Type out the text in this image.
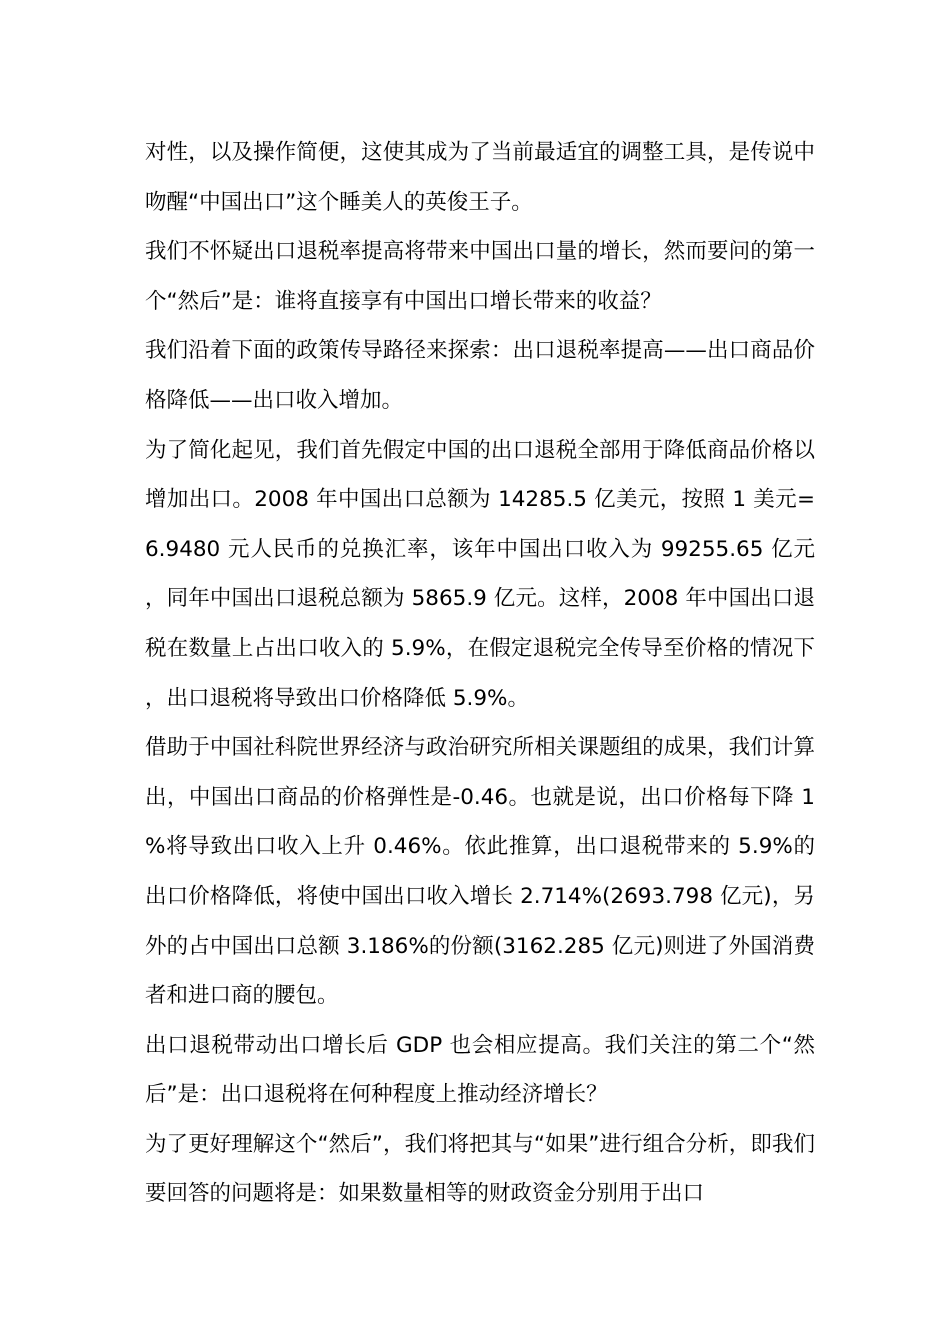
对性，以及操作简便，这使其成为了当前最适宜的调整工具，是传说中吻醒“中国出口”这个睡美人的英俊王子。

我们不怀疑出口退税率提高将带来中国出口量的增长，然而要问的第一个“然后”是：谁将直接享有中国出口增长带来的收益？

我们沿着下面的政策传导路径来探索：出口退税率提高——出口商品价格降低——出口收入增加。

为了简化起见，我们首先假定中国的出口退税全部用于降低商品价格以增加出口。2008 年中国出口总额为 14285.5 亿美元，按照 1 美元=6.9480 元人民币的兑换汇率，该年中国出口收入为 99255.65 亿元，同年中国出口退税总额为 5865.9 亿元。这样，2008 年中国出口退税在数量上占出口收入的 5.9%，在假定退税完全传导至价格的情况下，出口退税将导致出口价格降低 5.9%。

借助于中国社科院世界经济与政治研究所相关课题组的成果，我们计算出，中国出口商品的价格弹性是-0.46。也就是说，出口价格每下降 1%将导致出口收入上升 0.46%。依此推算，出口退税带来的 5.9%的出口价格降低，将使中国出口收入增长 2.714%(2693.798 亿元)，另外的占中国出口总额 3.186%的份额(3162.285 亿元)则进了外国消费者和进口商的腰包。

出口退税带动出口增长后 GDP 也会相应提高。我们关注的第二个“然后”是：出口退税将在何种程度上推动经济增长？

为了更好理解这个“然后”，我们将把其与“如果”进行组合分析，即我们要回答的问题将是：如果数量相等的财政资金分别用于出口
